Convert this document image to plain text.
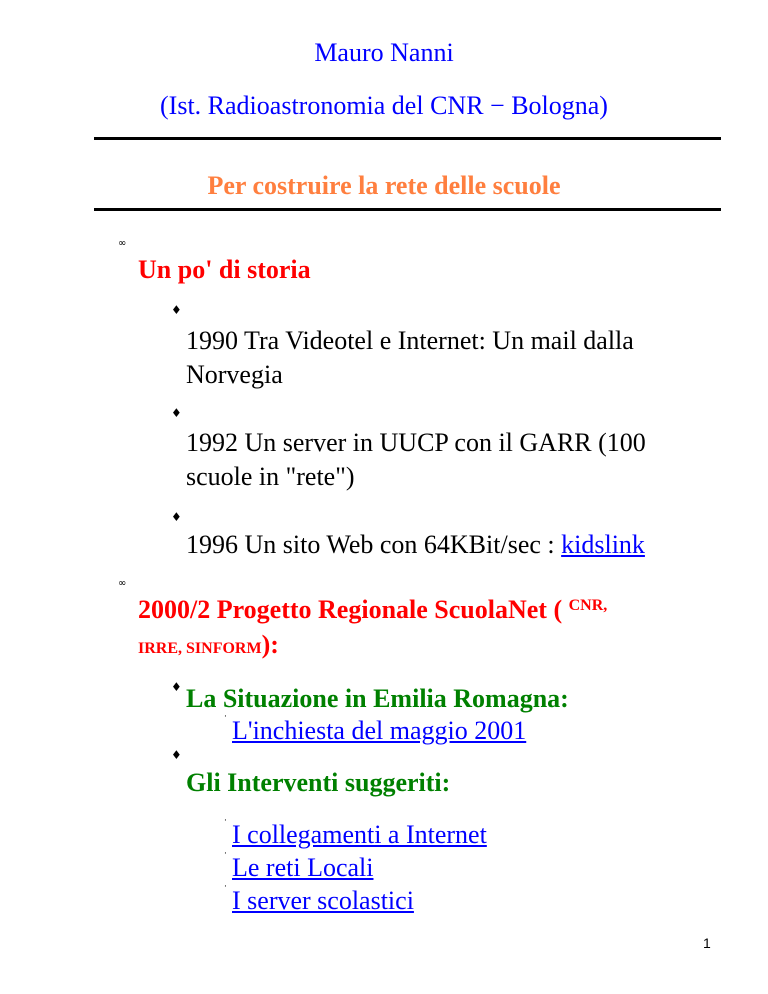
Mauro Nanni
(Ist. Radioastronomia del CNR − Bologna)
Per costruire la rete delle scuole
∞
Un po' di storia
♦
1990 Tra Videotel e Internet: Un mail dalla
Norvegia
♦
1992 Un server in UUCP con il GARR (100
scuole in "rete")
♦
1996 Un sito Web con 64KBit/sec : kidslink
∞
2000/2 Progetto Regionale ScuolaNet ( CNR,
IRRE, SINFORM):
♦ La Situazione in Emilia Romagna:
· L'inchiesta del maggio 2001
♦
Gli Interventi suggeriti:
· I collegamenti a Internet
· Le reti Locali
· I server scolastici
1
